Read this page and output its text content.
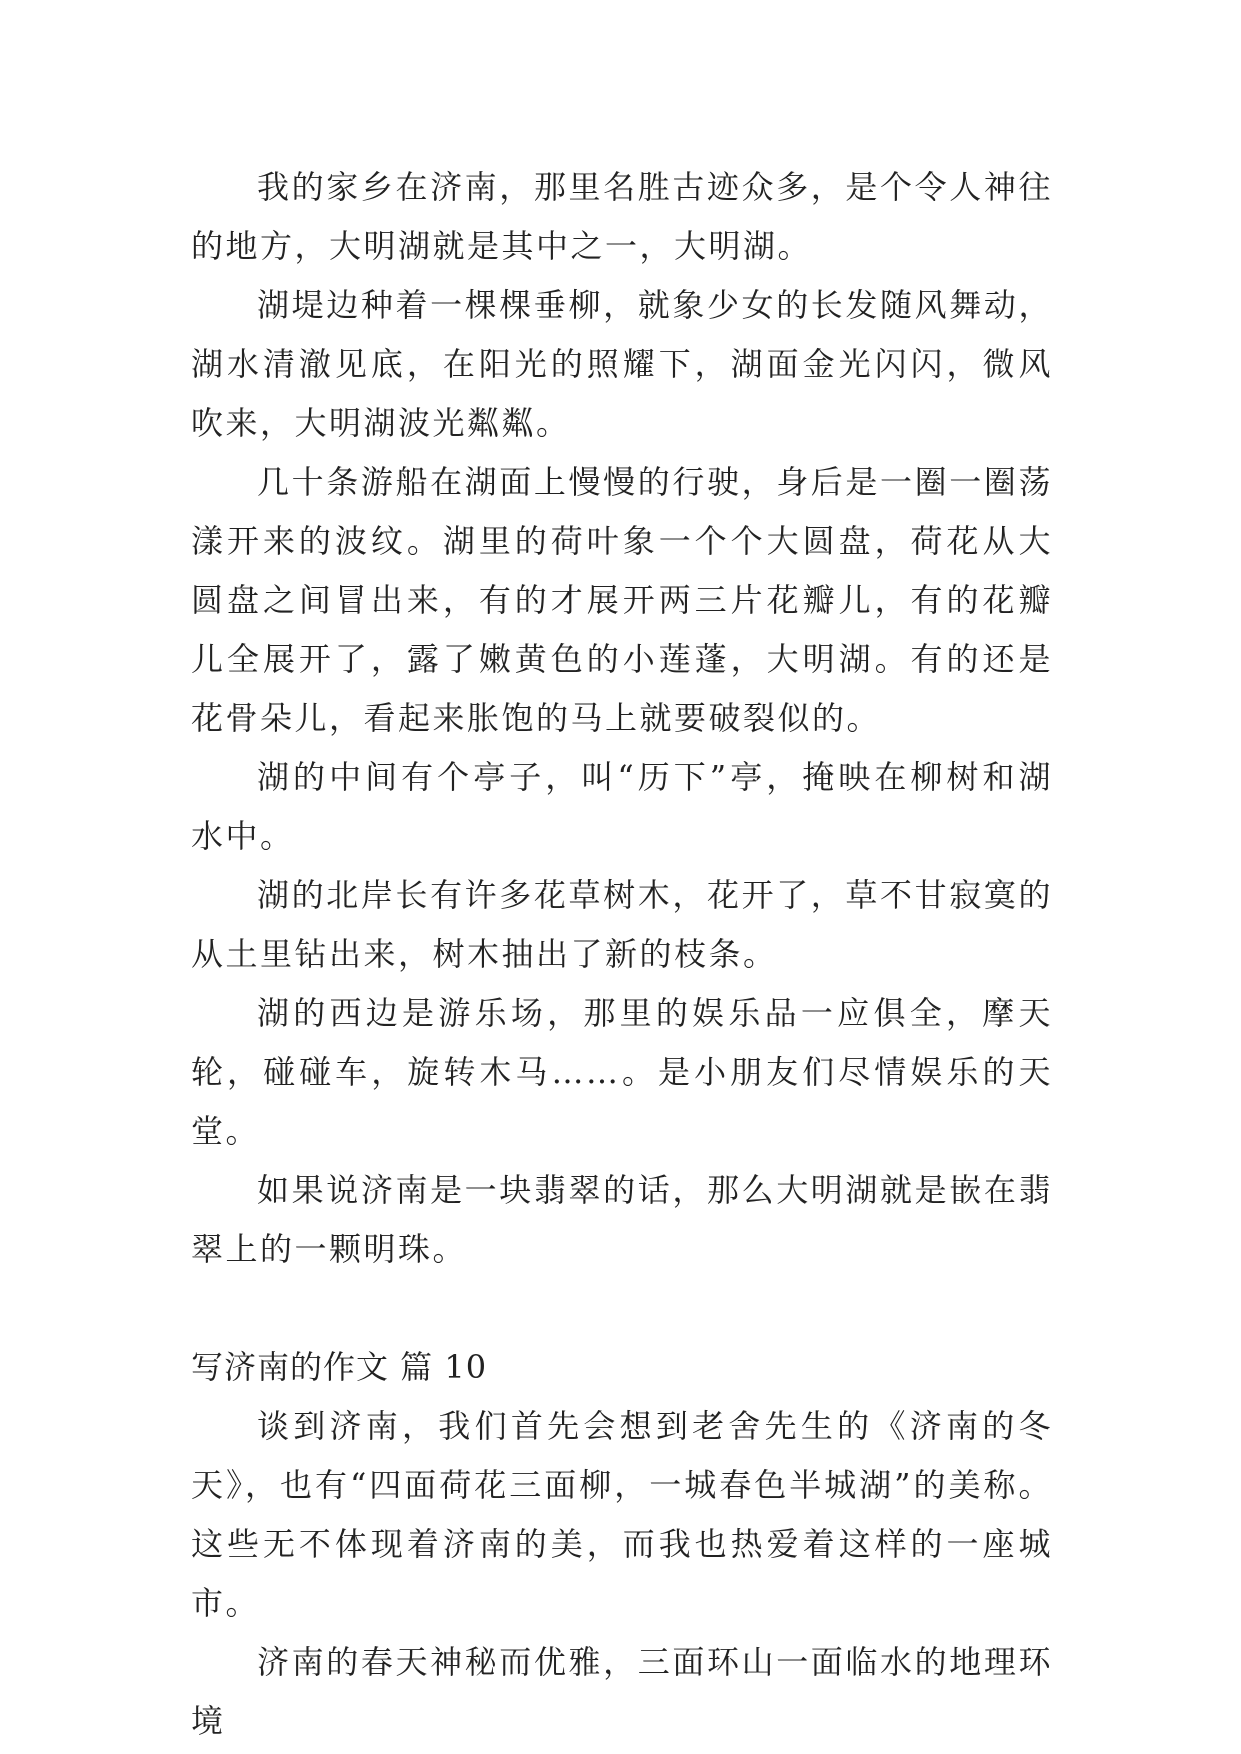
我的家乡在济南，那里名胜古迹众多，是个令人神往的地方，大明湖就是其中之一，大明湖。

湖堤边种着一棵棵垂柳，就象少女的长发随风舞动，湖水清澈见底，在阳光的照耀下，湖面金光闪闪，微风吹来，大明湖波光粼粼。

几十条游船在湖面上慢慢的行驶，身后是一圈一圈荡漾开来的波纹。湖里的荷叶象一个个大圆盘，荷花从大圆盘之间冒出来，有的才展开两三片花瓣儿，有的花瓣儿全展开了，露了嫩黄色的小莲蓬，大明湖。有的还是花骨朵儿，看起来胀饱的马上就要破裂似的。

湖的中间有个亭子，叫“历下”亭，掩映在柳树和湖水中。

湖的北岸长有许多花草树木，花开了，草不甘寂寞的从土里钻出来，树木抽出了新的枝条。

湖的西边是游乐场，那里的娱乐品一应俱全，摩天轮，碰碰车，旋转木马……。是小朋友们尽情娱乐的天堂。

如果说济南是一块翡翠的话，那么大明湖就是嵌在翡翠上的一颗明珠。

写济南的作文 篇 10

谈到济南，我们首先会想到老舍先生的《济南的冬天》，也有“四面荷花三面柳，一城春色半城湖”的美称。这些无不体现着济南的美，而我也热爱着这样的一座城市。

济南的春天神秘而优雅，三面环山一面临水的地理环境
